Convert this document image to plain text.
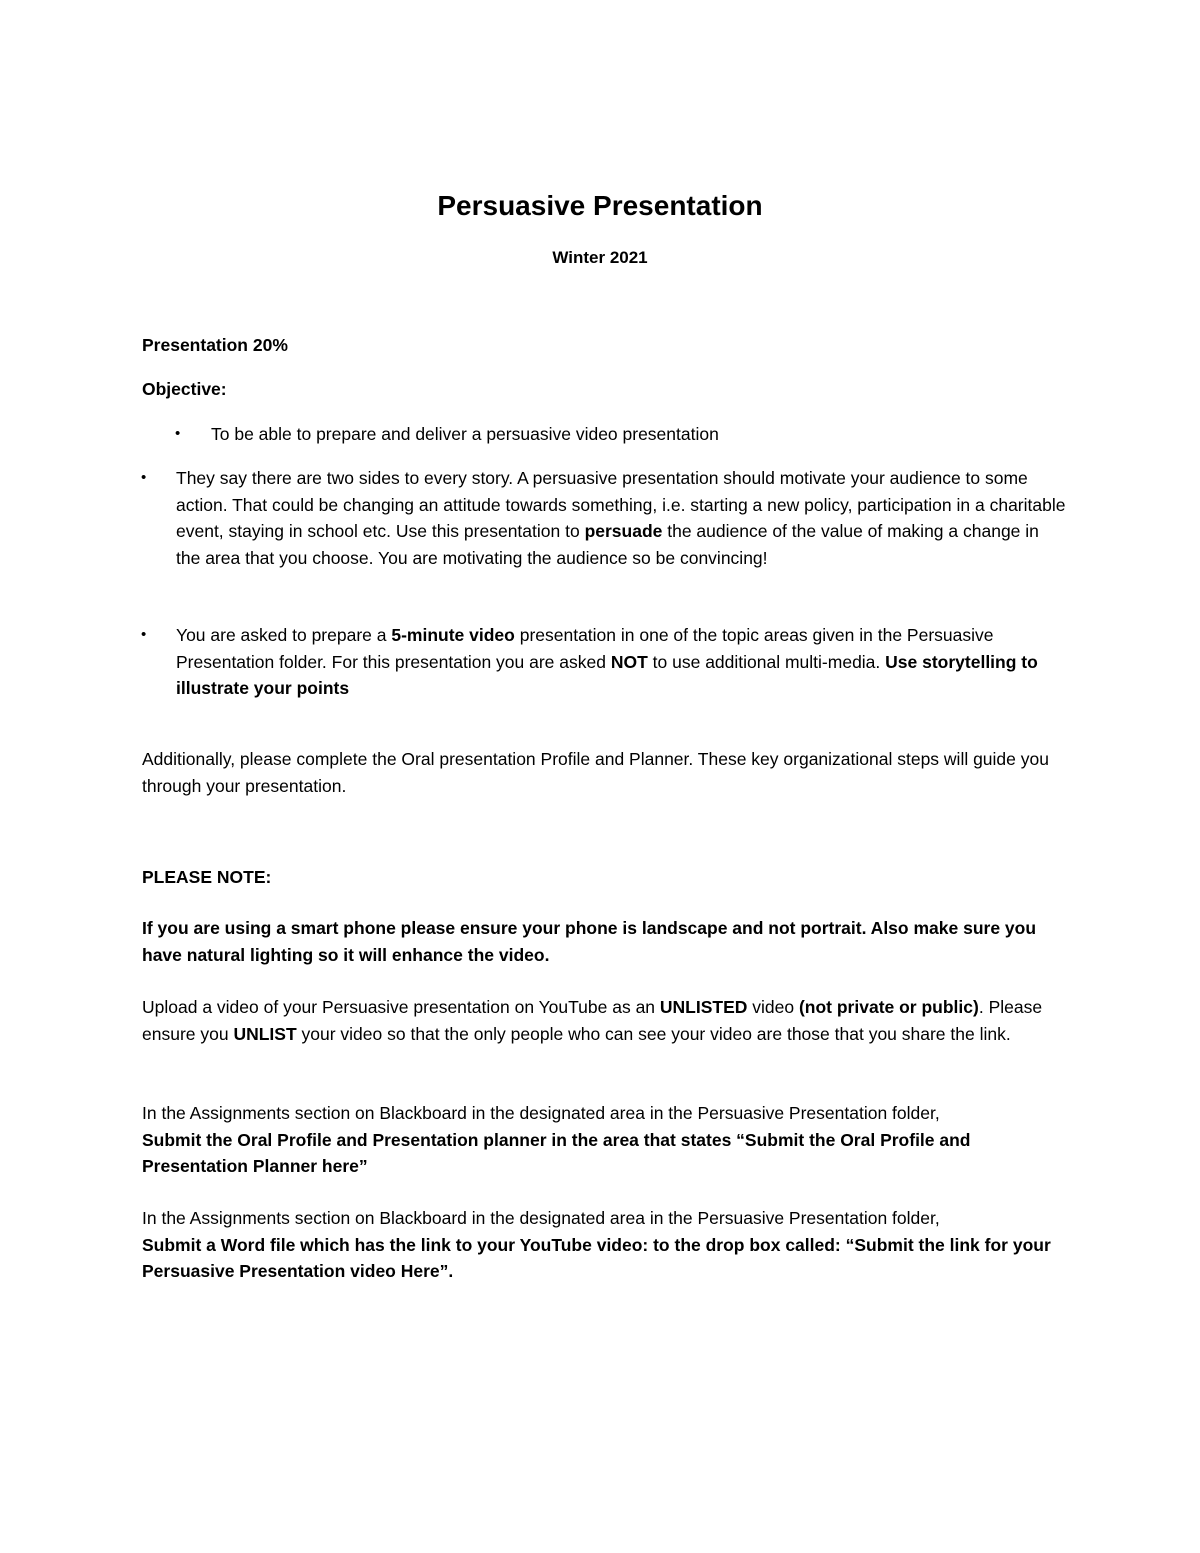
Persuasive Presentation
Winter 2021
Presentation 20%
Objective:
• To be able to prepare and deliver a persuasive video presentation
• They say there are two sides to every story. A persuasive presentation should motivate your audience to some action. That could be changing an attitude towards something, i.e. starting a new policy, participation in a charitable event, staying in school etc. Use this presentation to persuade the audience of the value of making a change in the area that you choose. You are motivating the audience so be convincing!
• You are asked to prepare a 5-minute video presentation in one of the topic areas given in the Persuasive Presentation folder. For this presentation you are asked NOT to use additional multi-media. Use storytelling to illustrate your points
Additionally, please complete the Oral presentation Profile and Planner. These key organizational steps will guide you through your presentation.
PLEASE NOTE:
If you are using a smart phone please ensure your phone is landscape and not portrait. Also make sure you have natural lighting so it will enhance the video.
Upload a video of your Persuasive presentation on YouTube as an UNLISTED video (not private or public). Please ensure you UNLIST your video so that the only people who can see your video are those that you share the link.
In the Assignments section on Blackboard in the designated area in the Persuasive Presentation folder,
Submit the Oral Profile and Presentation planner in the area that states “Submit the Oral Profile and Presentation Planner here”
In the Assignments section on Blackboard in the designated area in the Persuasive Presentation folder,
Submit a Word file which has the link to your YouTube video: to the drop box called: “Submit the link for your Persuasive Presentation video Here”.
